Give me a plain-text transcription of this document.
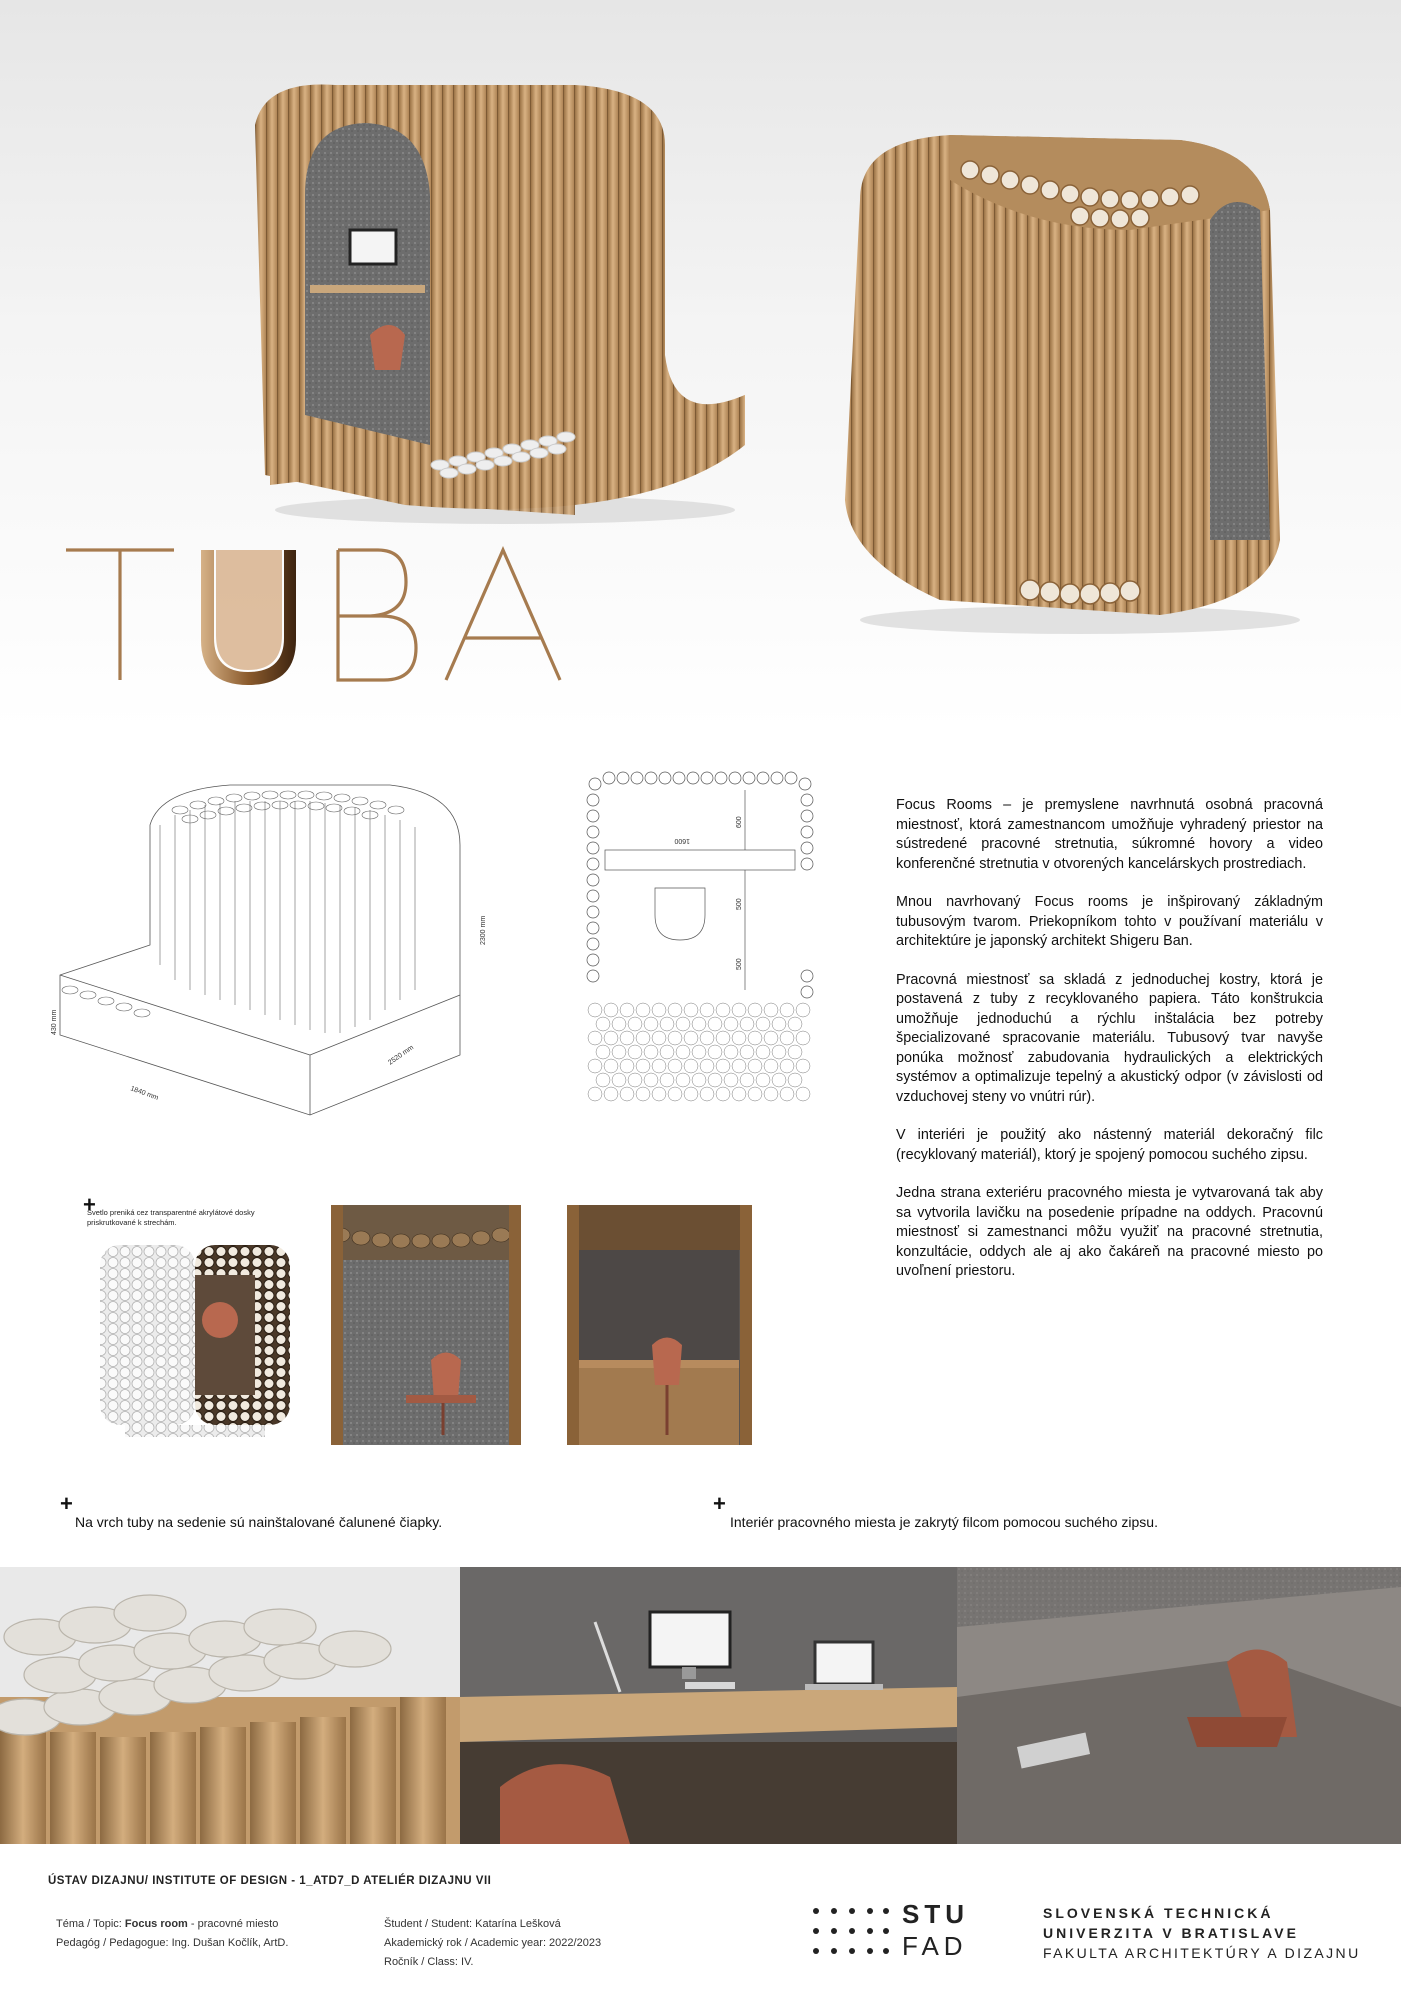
2300 mm
430 mm
1840 mm
2520 mm
1600
600
500
500

Focus Rooms – je premyslene navrhnutá osobná pracovná miestnosť, ktorá zamestnancom umožňuje vyhradený priestor na sústredené pracovné stretnutia, súkromné hovory a video konferenčné stretnutia v otvorených kancelárskych prostrediach.

Mnou navrhovaný Focus rooms je inšpirovaný základným tubusovým tvarom. Priekopníkom tohto v používaní materiálu v architektúre je japonský architekt Shigeru Ban.

Pracovná miestnosť sa skladá z jednoduchej kostry, ktorá je postavená z tuby z recyklovaného papiera. Táto konštrukcia umožňuje jednoduchú a rýchlu inštalácia bez potreby špecializované spracovanie materiálu. Tubusový tvar navyše ponúka možnosť zabudovania hydraulických a elektrických systémov a optimalizuje tepelný a akustický odpor (v závislosti od vzduchovej steny vo vnútri rúr).

V interiéri je použitý ako nástenný materiál dekoračný filc (recyklovaný materiál), ktorý je spojený pomocou suchého zipsu.

Jedna strana exteriéru pracovného miesta je vytvarovaná tak aby sa vytvorila lavičku na posedenie prípadne na oddych. Pracovnú miestnosť si zamestnanci môžu využiť na pracovné stretnutia, konzultácie, oddych ale aj ako čakáreň na pracovné miesto po uvoľnení priestoru.

+
Svetlo preniká cez transparentné akrylátové dosky priskrutkované k strechám.
+
Na vrch tuby na sedenie sú nainštalované čalunené čiapky.
+
Interiér pracovného miesta je zakrytý filcom pomocou suchého zipsu.
ÚSTAV DIZAJNU/ INSTITUTE OF DESIGN - 1_ATD7_D ATELIÉR DIZAJNU VII
Téma / Topic: Focus room - pracovné miesto
Pedagóg / Pedagogue: Ing. Dušan Kočlík, ArtD.
Študent / Student: Katarína Lešková
Akademický rok / Academic year: 2022/2023
Ročník / Class: IV.
STU
FAD
SLOVENSKÁ TECHNICKÁ
UNIVERZITA V BRATISLAVE
FAKULTA ARCHITEKTÚRY A DIZAJNU
